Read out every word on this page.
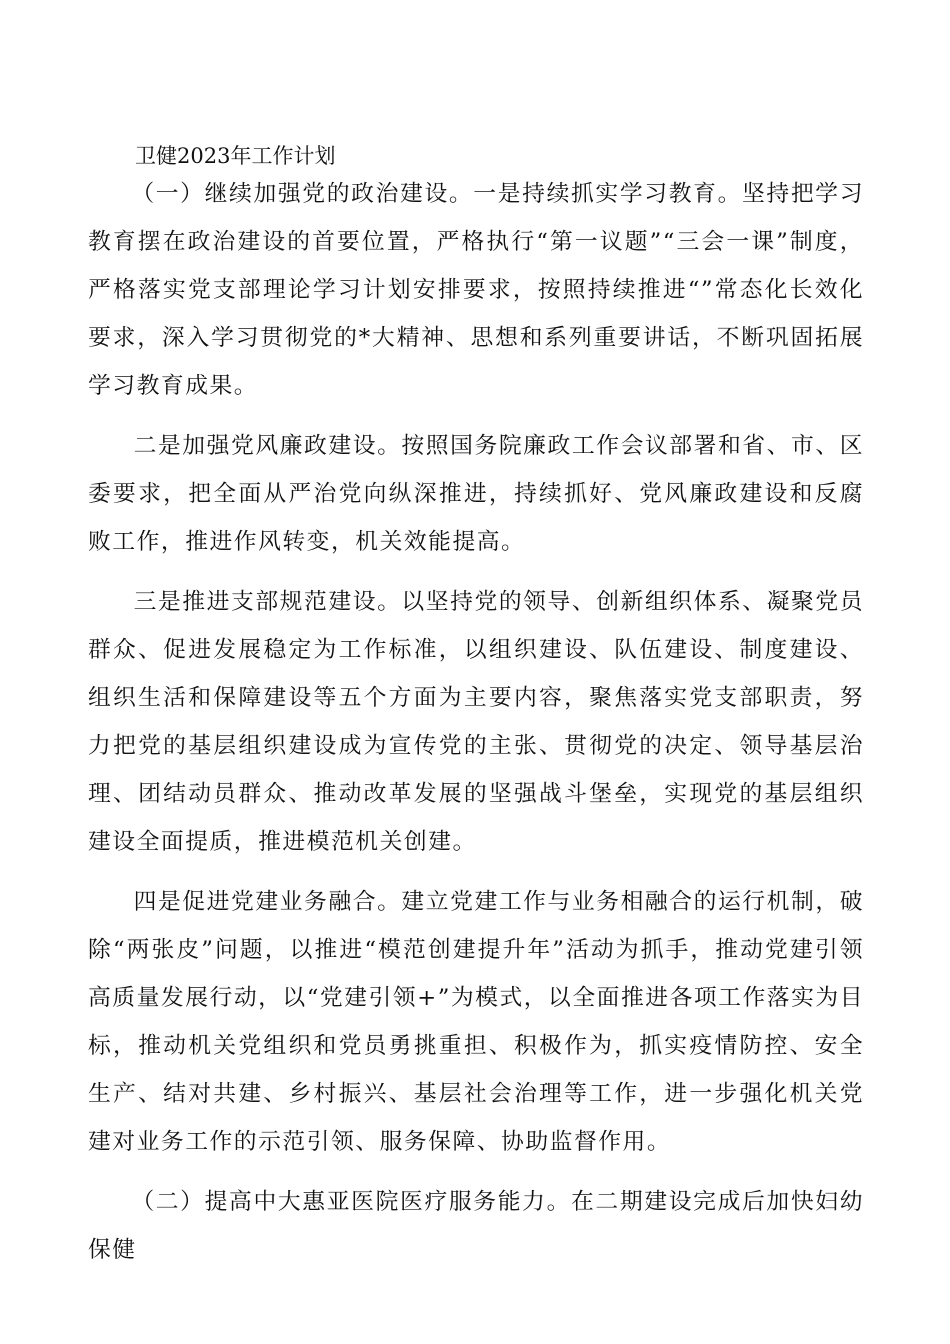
卫健2023年工作计划

（一）继续加强党的政治建设。一是持续抓实学习教育。坚持把学习教育摆在政治建设的首要位置，严格执行“第一议题”“三会一课”制度，严格落实党支部理论学习计划安排要求，按照持续推进“”常态化长效化要求，深入学习贯彻党的*大精神、思想和系列重要讲话，不断巩固拓展学习教育成果。

二是加强党风廉政建设。按照国务院廉政工作会议部署和省、市、区委要求，把全面从严治党向纵深推进，持续抓好、党风廉政建设和反腐败工作，推进作风转变，机关效能提高。

三是推进支部规范建设。以坚持党的领导、创新组织体系、凝聚党员群众、促进发展稳定为工作标准，以组织建设、队伍建设、制度建设、组织生活和保障建设等五个方面为主要内容，聚焦落实党支部职责，努力把党的基层组织建设成为宣传党的主张、贯彻党的决定、领导基层治理、团结动员群众、推动改革发展的坚强战斗堡垒，实现党的基层组织建设全面提质，推进模范机关创建。

四是促进党建业务融合。建立党建工作与业务相融合的运行机制，破除“两张皮”问题，以推进“模范创建提升年”活动为抓手，推动党建引领高质量发展行动，以“党建引领+”为模式，以全面推进各项工作落实为目标，推动机关党组织和党员勇挑重担、积极作为，抓实疫情防控、安全生产、结对共建、乡村振兴、基层社会治理等工作，进一步强化机关党建对业务工作的示范引领、服务保障、协助监督作用。

（二）提高中大惠亚医院医疗服务能力。在二期建设完成后加快妇幼保健
